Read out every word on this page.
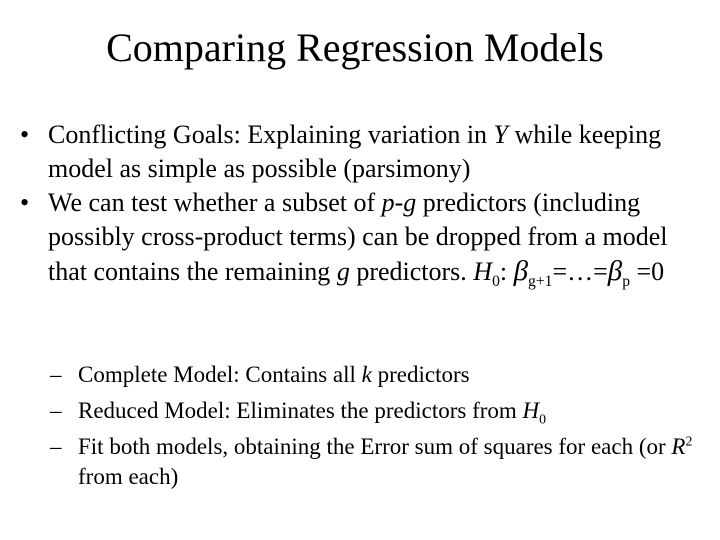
Comparing Regression Models

• Conflicting Goals: Explaining variation in Y while keeping model as simple as possible (parsimony)

• We can test whether a subset of p-g predictors (including possibly cross-product terms) can be dropped from a model that contains the remaining g predictors. $H_0$: $\beta_{g+1}=\dots=\beta_p =0$

– Complete Model: Contains all k predictors

– Reduced Model: Eliminates the predictors from $H_0$

– Fit both models, obtaining the Error sum of squares for each (or $R^2$ from each)
